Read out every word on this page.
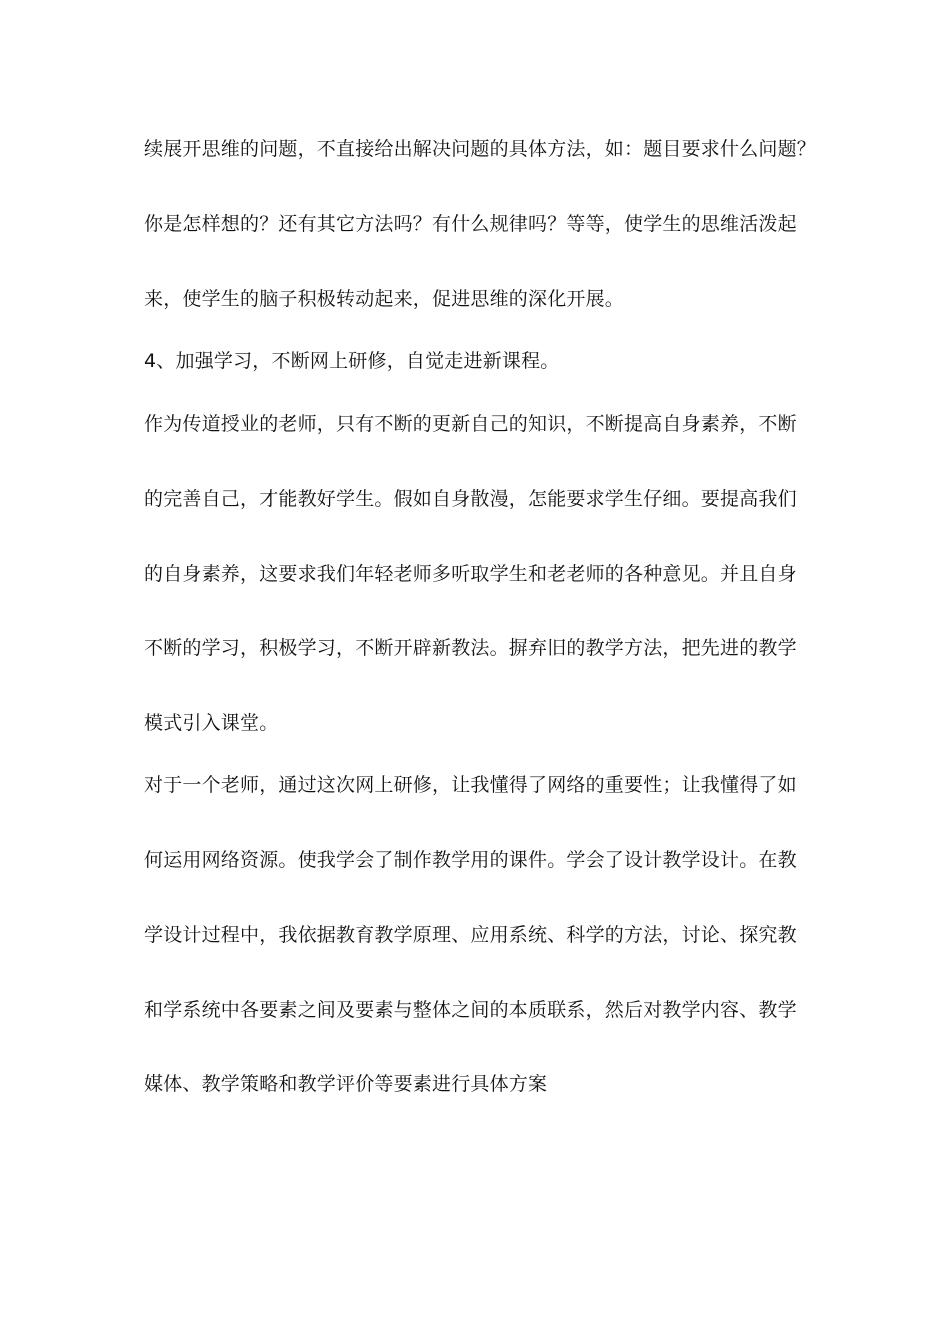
续展开思维的问题，不直接给出解决问题的具体方法，如：题目要求什么问题？
你是怎样想的？还有其它方法吗？有什么规律吗？等等，使学生的思维活泼起
来，使学生的脑子积极转动起来，促进思维的深化开展。
4、加强学习，不断网上研修，自觉走进新课程。
作为传道授业的老师，只有不断的更新自己的知识，不断提高自身素养，不断
的完善自己，才能教好学生。假如自身散漫，怎能要求学生仔细。要提高我们
的自身素养，这要求我们年轻老师多听取学生和老老师的各种意见。并且自身
不断的学习，积极学习，不断开辟新教法。摒弃旧的教学方法，把先进的教学
模式引入课堂。
对于一个老师，通过这次网上研修，让我懂得了网络的重要性；让我懂得了如
何运用网络资源。使我学会了制作教学用的课件。学会了设计教学设计。在教
学设计过程中，我依据教育教学原理、应用系统、科学的方法，讨论、探究教
和学系统中各要素之间及要素与整体之间的本质联系，然后对教学内容、教学
媒体、教学策略和教学评价等要素进行具体方案
